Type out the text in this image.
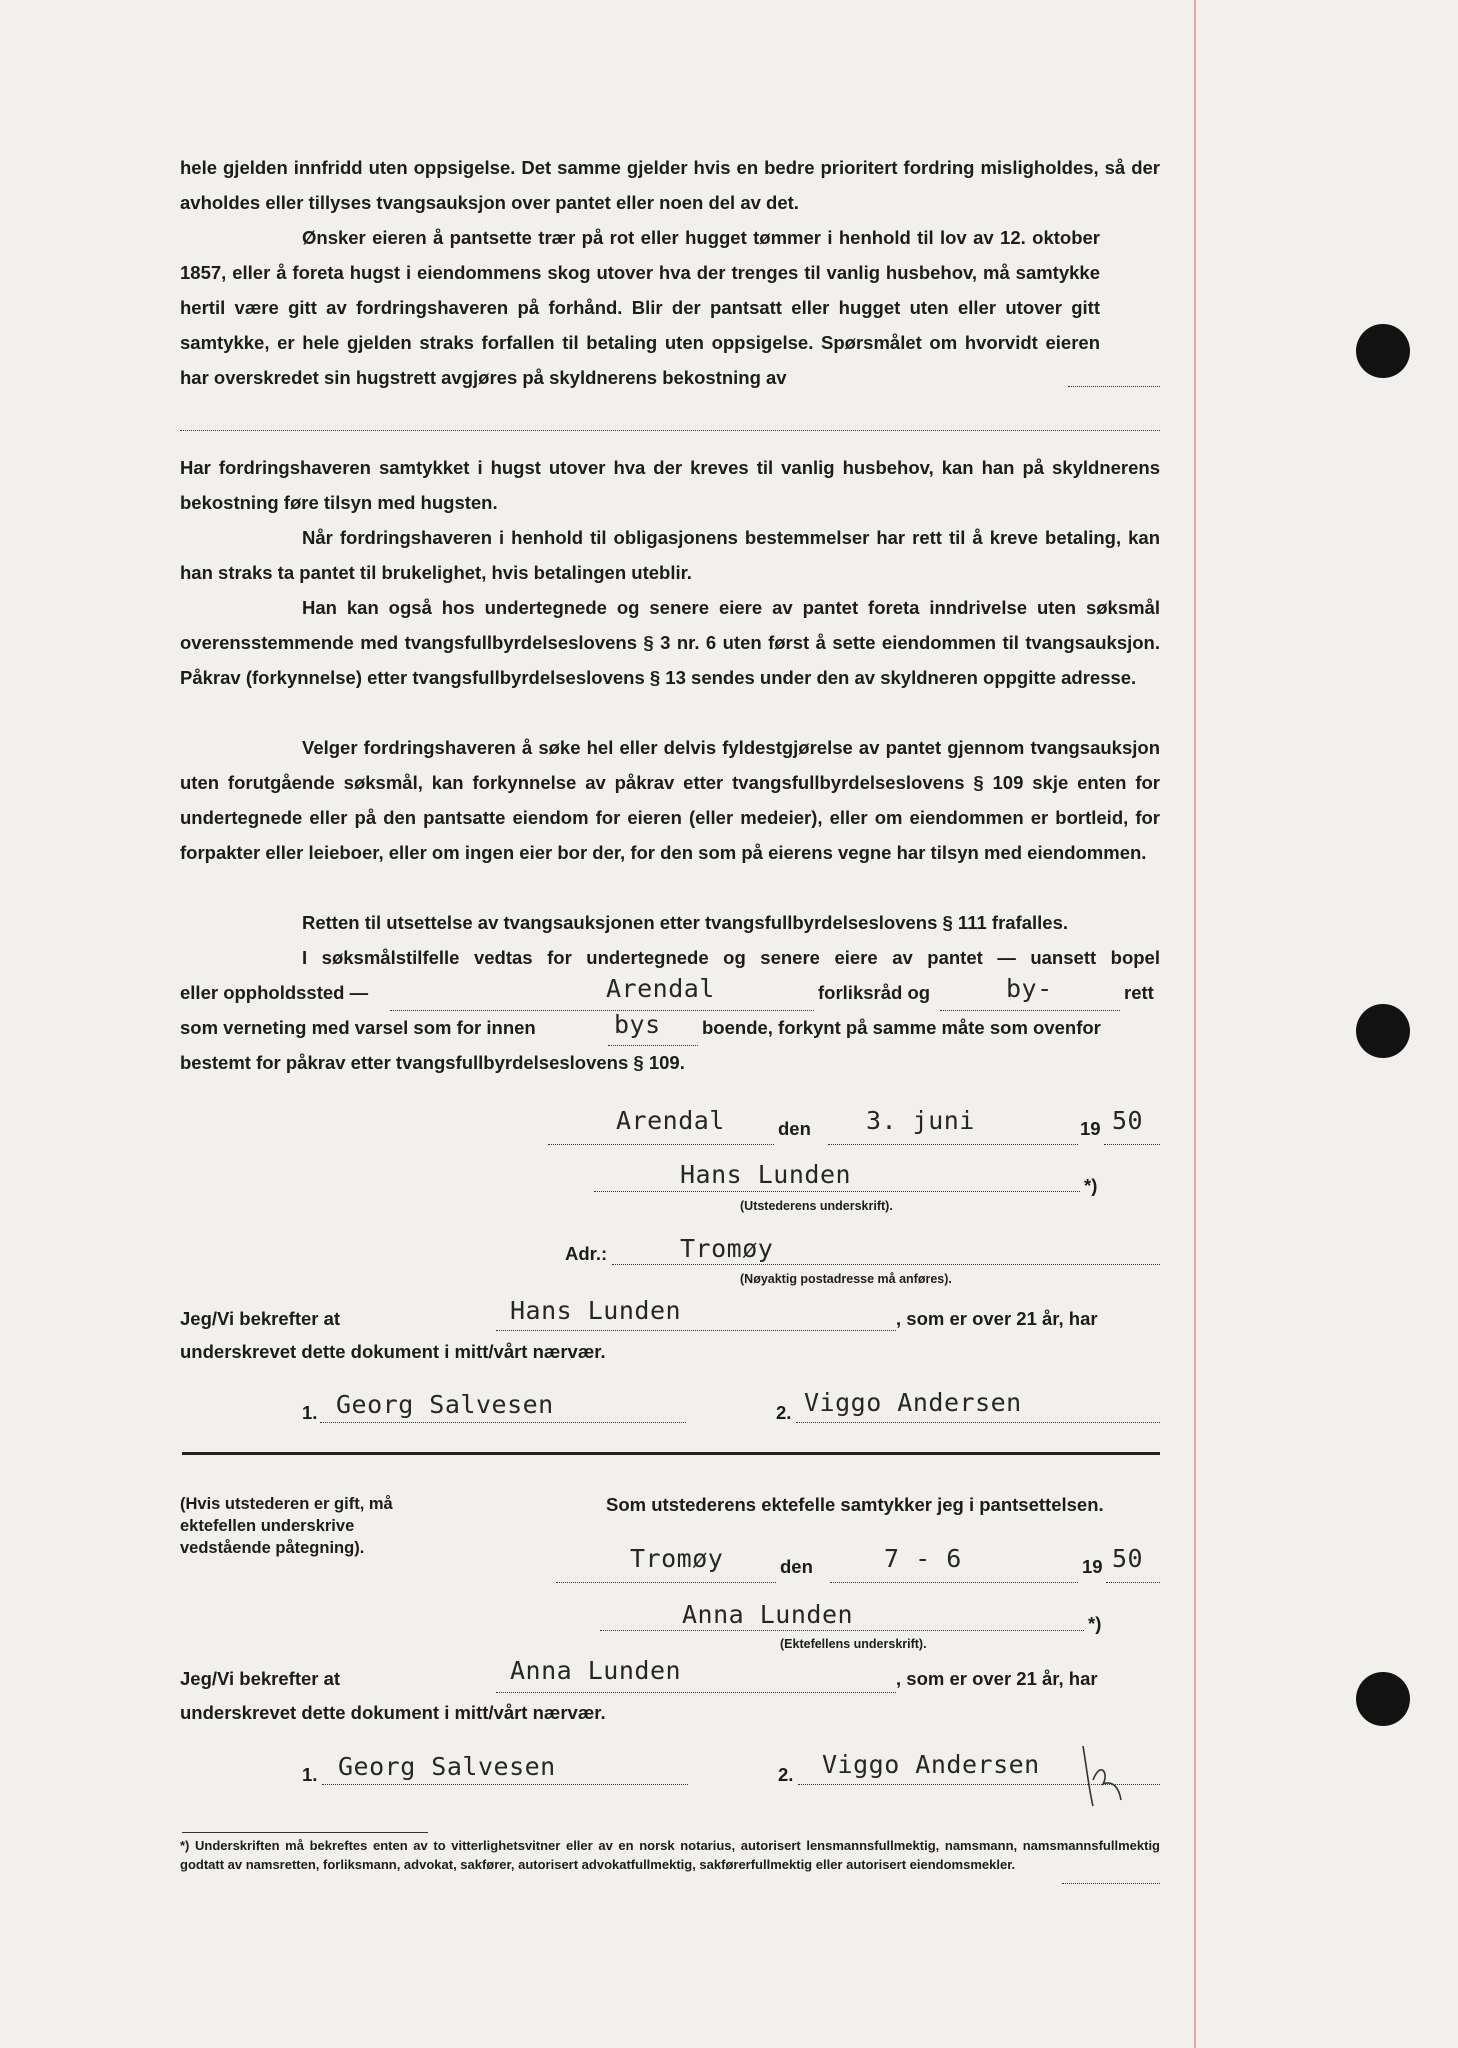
hele gjelden innfridd uten oppsigelse. Det samme gjelder hvis en bedre prioritert fordring misligholdes, så der avholdes eller tillyses tvangsauksjon over pantet eller noen del av det.

Ønsker eieren å pantsette trær på rot eller hugget tømmer i henhold til lov av 12. oktober 1857, eller å foreta hugst i eiendommens skog utover hva der trenges til vanlig husbehov, må samtykke hertil være gitt av fordringshaveren på forhånd. Blir der pantsatt eller hugget uten eller utover gitt samtykke, er hele gjelden straks forfallen til betaling uten oppsigelse. Spørsmålet om hvorvidt eieren har overskredet sin hugstrett avgjøres på skyldnerens bekostning av

Har fordringshaveren samtykket i hugst utover hva der kreves til vanlig husbehov, kan han på skyldnerens bekostning føre tilsyn med hugsten.

Når fordringshaveren i henhold til obligasjonens bestemmelser har rett til å kreve betaling, kan han straks ta pantet til brukelighet, hvis betalingen uteblir.

Han kan også hos undertegnede og senere eiere av pantet foreta inndrivelse uten søksmål overensstemmende med tvangsfullbyrdelseslovens § 3 nr. 6 uten først å sette eiendommen til tvangsauksjon. Påkrav (forkynnelse) etter tvangsfullbyrdelseslovens § 13 sendes under den av skyldneren oppgitte adresse.

Velger fordringshaveren å søke hel eller delvis fyldestgjørelse av pantet gjennom tvangsauksjon uten forutgående søksmål, kan forkynnelse av påkrav etter tvangsfullbyrdelseslovens § 109 skje enten for undertegnede eller på den pantsatte eiendom for eieren (eller medeier), eller om eiendommen er bortleid, for forpakter eller leieboer, eller om ingen eier bor der, for den som på eierens vegne har tilsyn med eiendommen.

Retten til utsettelse av tvangsauksjonen etter tvangsfullbyrdelseslovens § 111 frafalles.

I søksmålstilfelle vedtas for undertegnede og senere eiere av pantet — uansett bopel

eller oppholdssted —	Arendal	forliksråd og	by-	rett
som verneting med varsel som for innen	bys boende, forkynt på samme måte som ovenfor
bestemt for påkrav etter tvangsfullbyrdelseslovens § 109.
Arendal	den 3. juni	19 50
Hans Lunden	*)
(Utstederens underskrift).
Adr.:	Tromøy
(Nøyaktig postadresse må anføres).
Jeg/Vi bekrefter at	Hans Lunden	, som er over 21 år, har
underskrevet dette dokument i mitt/vårt nærvær.
1. Georg Salvesen	2. Viggo Andersen
(Hvis utstederen er gift, må ektefellen underskrive vedstående påtegning).
Som utstederens ektefelle samtykker jeg i pantsettelsen.
Tromøy	den	7 - 6	19 50
Anna Lunden	*)
(Ektefellens underskrift).
Jeg/Vi bekrefter at	Anna Lunden	, som er over 21 år, har
underskrevet dette dokument i mitt/vårt nærvær.
1. Georg Salvesen	2. Viggo Andersen

*) Underskriften må bekreftes enten av to vitterlighetsvitner eller av en norsk notarius, autorisert lensmannsfullmektig, namsmann, namsmannsfullmektig godtatt av namsretten, forliksmann, advokat, sakfører, autorisert advokatfullmektig, sakførerfullmektig eller autorisert eiendomsmekler.
